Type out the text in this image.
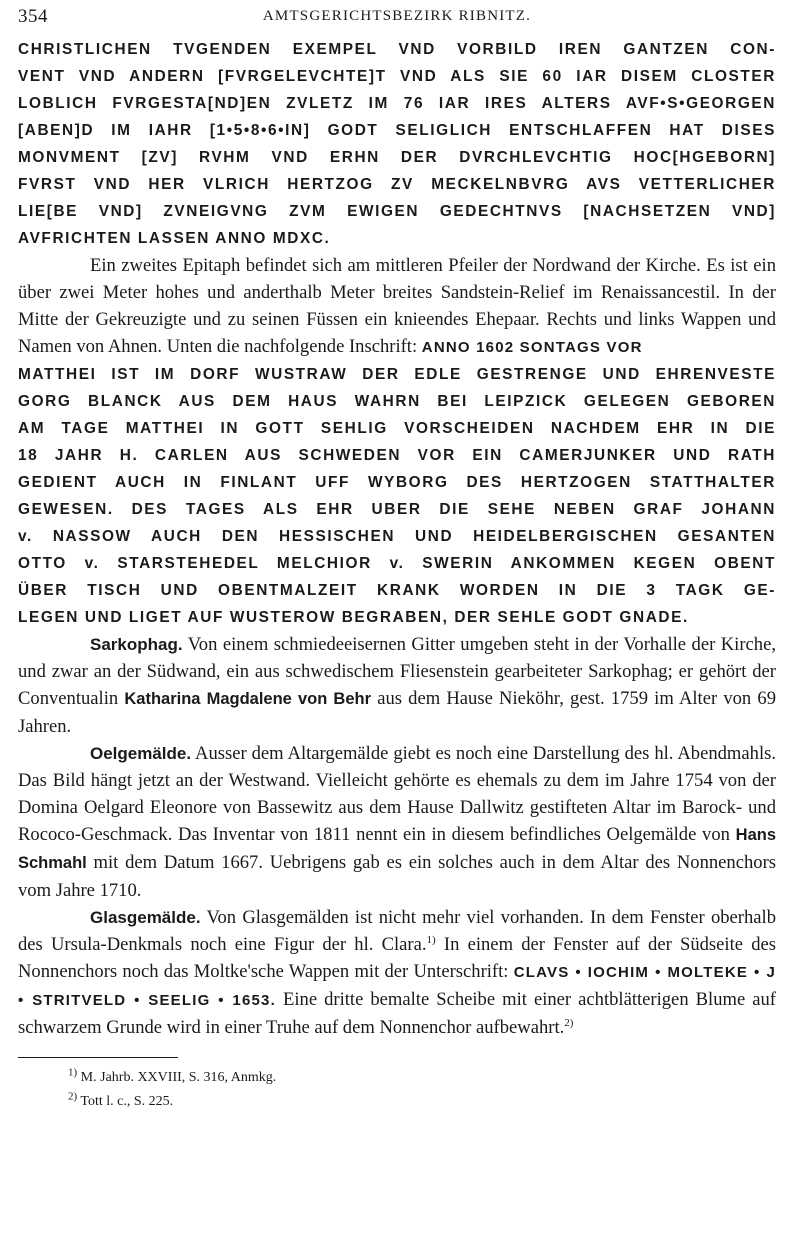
354	AMTSGERICHTSBEZIRK RIBNITZ.

CHRISTLICHEN TVGENDEN EXEMPEL VND VORBILD IREN GANTZEN CON-

VENT VND ANDERN [FVRGELEVCHTE]T VND ALS SIE 60 IAR DISEM CLOSTER

LOBLICH FVRGESTA[ND]EN ZVLETZ IM 76 IAR IRES ALTERS AVF•S•GEORGEN

[ABEN]D IM IAHR [1•5•8•6•IN] GODT SELIGLICH ENTSCHLAFFEN HAT DISES

MONVMENT [ZV] RVHM VND ERHN DER DVRCHLEVCHTIG HOC[HGEBORN]

FVRST VND HER VLRICH HERTZOG ZV MECKELNBVRG AVS VETTERLICHER

LIE[BE VND] ZVNEIGVNG ZVM EWIGEN GEDECHTNVS [NACHSETZEN VND]

AVFRICHTEN LASSEN ANNO MDXC.

Ein zweites Epitaph befindet sich am mittleren Pfeiler der Nordwand der Kirche. Es ist ein über zwei Meter hohes und anderthalb Meter breites Sandstein-Relief im Renaissancestil. In der Mitte der Gekreuzigte und zu seinen Füssen ein knieendes Ehepaar. Rechts und links Wappen und Namen von Ahnen. Unten die nachfolgende Inschrift: ANNO 1602 SONTAGS VOR

MATTHEI IST IM DORF WUSTRAW DER EDLE GESTRENGE UND EHRENVESTE

GORG BLANCK AUS DEM HAUS WAHRN BEI LEIPZICK GELEGEN GEBOREN

AM TAGE MATTHEI IN GOTT SEHLIG VORSCHEIDEN NACHDEM EHR IN DIE

18 JAHR H. CARLEN AUS SCHWEDEN VOR EIN CAMERJUNKER UND RATH

GEDIENT AUCH IN FINLANT UFF WYBORG DES HERTZOGEN STATTHALTER

GEWESEN. DES TAGES ALS EHR UBER DIE SEHE NEBEN GRAF JOHANN

v. NASSOW AUCH DEN HESSISCHEN UND HEIDELBERGISCHEN GESANTEN

OTTO v. STARSTEHEDEL MELCHIOR v. SWERIN ANKOMMEN KEGEN OBENT

ÜBER TISCH UND OBENTMALZEIT KRANK WORDEN IN DIE 3 TAGK GE-

LEGEN UND LIGET AUF WUSTEROW BEGRABEN, DER SEHLE GODT GNADE.

Sarkophag. Von einem schmiedeeisernen Gitter umgeben steht in der Vorhalle der Kirche, und zwar an der Südwand, ein aus schwedischem Fliesenstein gearbeiteter Sarkophag; er gehört der Conventualin Katharina Magdalene von Behr aus dem Hause Nieköhr, gest. 1759 im Alter von 69 Jahren.

Oelgemälde. Ausser dem Altargemälde giebt es noch eine Darstellung des hl. Abendmahls. Das Bild hängt jetzt an der Westwand. Vielleicht gehörte es ehemals zu dem im Jahre 1754 von der Domina Oelgard Eleonore von Bassewitz aus dem Hause Dallwitz gestifteten Altar im Barock- und Rococo-Geschmack. Das Inventar von 1811 nennt ein in diesem befindliches Oelgemälde von Hans Schmahl mit dem Datum 1667. Uebrigens gab es ein solches auch in dem Altar des Nonnenchors vom Jahre 1710.

Glasgemälde. Von Glasgemälden ist nicht mehr viel vorhanden. In dem Fenster oberhalb des Ursula-Denkmals noch eine Figur der hl. Clara.$^{1)}$ In einem der Fenster auf der Südseite des Nonnenchors noch das Moltke'sche Wappen mit der Unterschrift: CLAVS • IOCHIM • MOLTEKE • J • STRITVELD • SEELIG • 1653. Eine dritte bemalte Scheibe mit einer achtblätterigen Blume auf schwarzem Grunde wird in einer Truhe auf dem Nonnenchor aufbewahrt.$^{2)}$

$^{1)}$ M. Jahrb. XXVIII, S. 316, Anmkg.
$^{2)}$ Tott l. c., S. 225.
